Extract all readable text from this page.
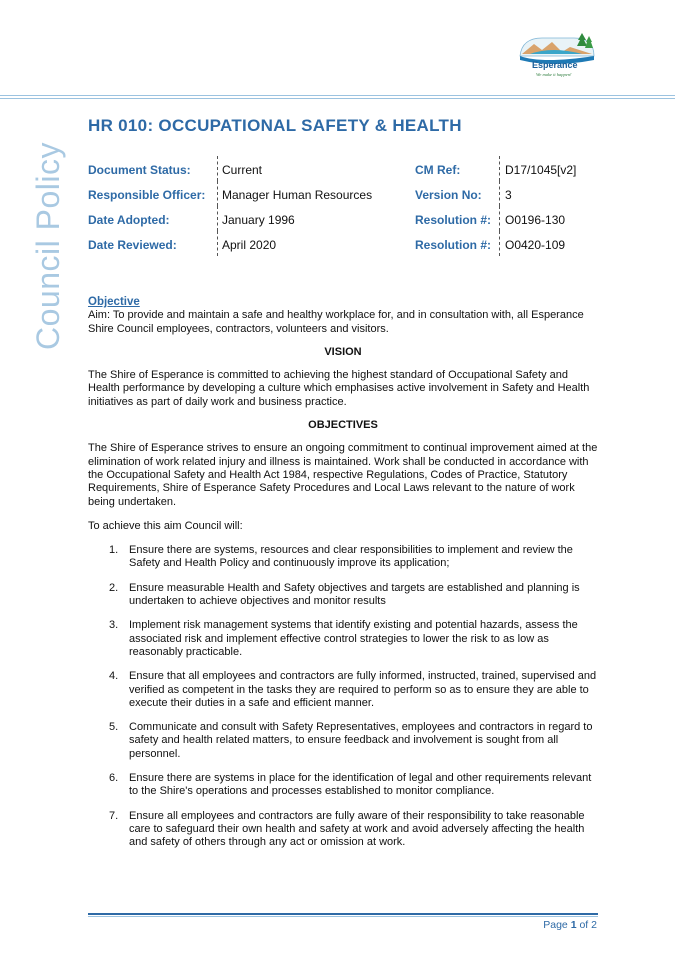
Esperance
We make it happen!
Council Policy
HR 010: OCCUPATIONAL SAFETY & HEALTH
Document Status:	Current	CM Ref:	D17/1045[v2]
Responsible Officer: Manager Human Resources	Version No: 3
Date Adopted:	January 1996	Resolution #: O0196-130
Date Reviewed:	April 2020	Resolution #: O0420-109

Objective

Aim: To provide and maintain a safe and healthy workplace for, and in consultation with, all Esperance Shire Council employees, contractors, volunteers and visitors.

VISION

The Shire of Esperance is committed to achieving the highest standard of Occupational Safety and Health performance by developing a culture which emphasises active involvement in Safety and Health initiatives as part of daily work and business practice.

OBJECTIVES

The Shire of Esperance strives to ensure an ongoing commitment to continual improvement aimed at the elimination of work related injury and illness is maintained. Work shall be conducted in accordance with the Occupational Safety and Health Act 1984, respective Regulations, Codes of Practice, Statutory Requirements, Shire of Esperance Safety Procedures and Local Laws relevant to the nature of work being undertaken.

To achieve this aim Council will:

1. Ensure there are systems, resources and clear responsibilities to implement and review the Safety and Health Policy and continuously improve its application;
2. Ensure measurable Health and Safety objectives and targets are established and planning is undertaken to achieve objectives and monitor results
3. Implement risk management systems that identify existing and potential hazards, assess the associated risk and implement effective control strategies to lower the risk to as low as reasonably practicable.
4. Ensure that all employees and contractors are fully informed, instructed, trained, supervised and verified as competent in the tasks they are required to perform so as to ensure they are able to execute their duties in a safe and efficient manner.
5. Communicate and consult with Safety Representatives, employees and contractors in regard to safety and health related matters, to ensure feedback and involvement is sought from all personnel.
6. Ensure there are systems in place for the identification of legal and other requirements relevant to the Shire's operations and processes established to monitor compliance.
7. Ensure all employees and contractors are fully aware of their responsibility to take reasonable care to safeguard their own health and safety at work and avoid adversely affecting the health and safety of others through any act or omission at work.
Page 1 of 2
